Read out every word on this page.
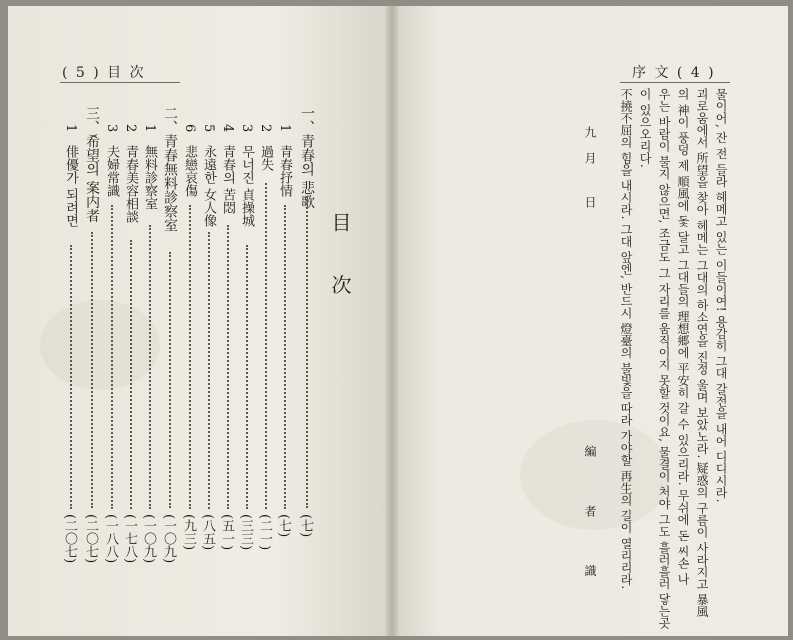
( 5 ) 目 次
目 次
一、青春의 悲歌
(七)
1
青春抒情
(七)
2
過失
(二一)
3
무너진 貞操城
(三三)
4
青春의 苦悶
(五一)
5
永遠한 女人像
(八五)
6
悲戀哀傷
(九三)
二、青春無料診察室
(一〇九)
1
無料診察室
(一〇九)
2
青春美容相談
(一七八)
3
夫婦常識
(一八八)
三、希望의 案内者
(二〇七)
1
俳優가 되려면
(二〇七)
序 文 ( 4 )
물이어, 잔 전 들라 헤메고 있는 이들이여! 용감히 그대 갈전을 내어 디디시라.
괴로움에서 所望을 찾아 헤메는 그대의 하소연을 진정 울며 보았노라. 疑惑의 구름이 사라지고 暴風
의 神이 풍덩 제 順風에 돛 달고 그대들의 理想郷에 平安히 갈 수 있으리라. 무쉬에 돈 씨손 나
우는 바람이 불지 않으면, 조금도 그 자리를 움직이지 못할 것이요, 물결이 처야 그도 흘러흘러 닿는곳
이 있으오리다.
不撓不屈의 힘을 내시라. 그대 앞엔, 반드시 燈臺의 불빛을 따라 가야할 再生의 길이 열리리라.
九月 日
編 者 識
